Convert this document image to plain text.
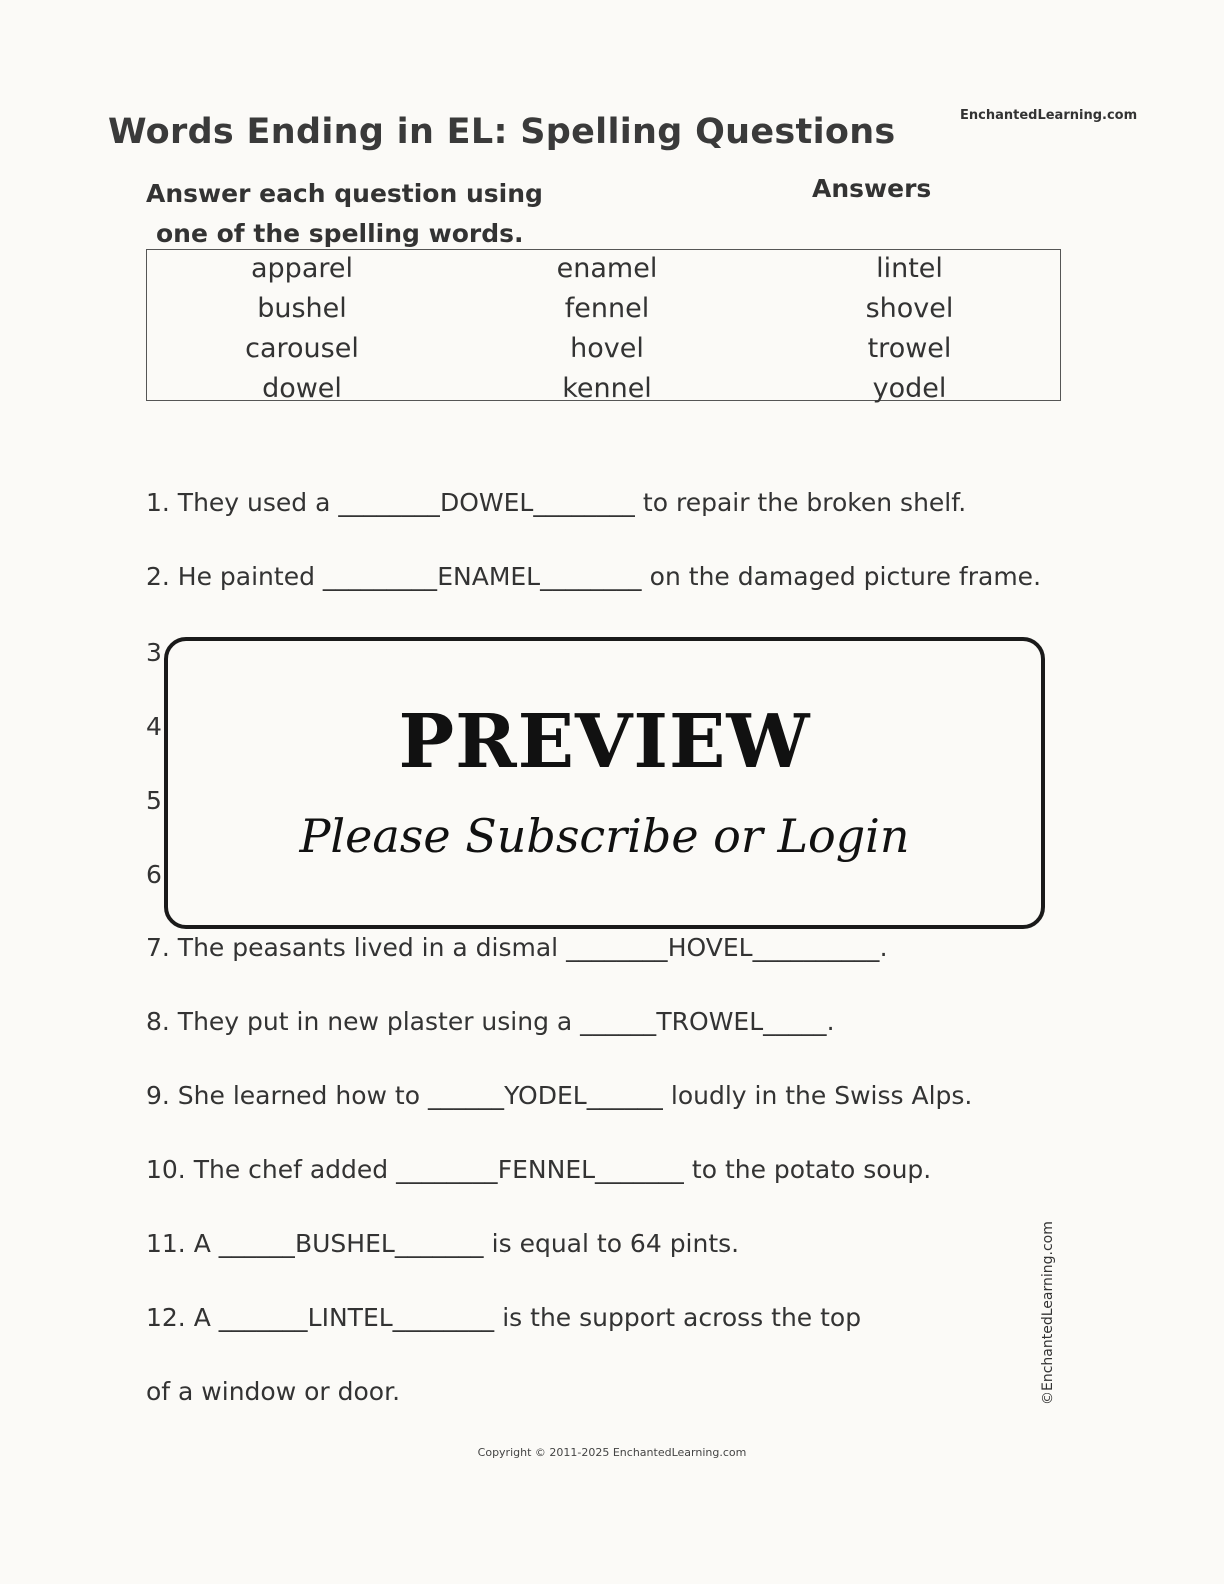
Words Ending in EL: Spelling Questions	EnchantedLearning.com
Answer each question using
one of the spelling words.
Answers
apparel	enamel	lintel
bushel	fennel	shovel
carousel	hovel	trowel
dowel	kennel	yodel
1. They used a ________DOWEL________ to repair the broken shelf.
2. He painted _________ENAMEL________ on the damaged picture frame.
3
4
5
6
PREVIEW
Please Subscribe or Login
7. The peasants lived in a dismal ________HOVEL__________.
8. They put in new plaster using a ______TROWEL_____.
9. She learned how to ______YODEL______ loudly in the Swiss Alps.
10. The chef added ________FENNEL_______ to the potato soup.
11. A ______BUSHEL_______ is equal to 64 pints.
12. A _______LINTEL________ is the support across the top
of a window or door.	©EnchantedLearning.com
Copyright © 2011-2025 EnchantedLearning.com
